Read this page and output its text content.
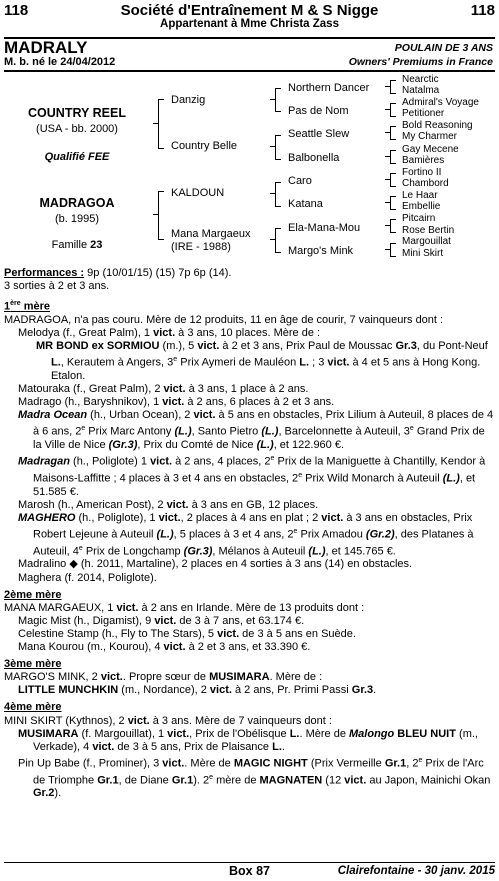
118	Société d'Entraînement M & S Nigge	118
Appartenant à Mme Christa Zass
MADRALY	POULAIN DE 3 ANS
M. b. né le 24/04/2012	Owners' Premiums in France
COUNTRY REEL
(USA - bb. 2000)
Qualifié FEE
MADRAGOA
(b. 1995)
Famille 23
Danzig
Country Belle
KALDOUN
Mana Margaeux
(IRE - 1988)
Northern Dancer
Pas de Nom
Seattle Slew
Balbonella
Caro
Katana
Ela-Mana-Mou
Margo's Mink
Nearctic
Natalma
Admiral's Voyage
Petitioner
Bold Reasoning
My Charmer
Gay Mecene
Bamières
Fortino II
Chambord
Le Haar
Embellie
Pitcairn
Rose Bertin
Margouillat
Mini Skirt

Performances : 9p (10/01/15) (15) 7p 6p (14).

3 sorties à 2 et 3 ans.

1ère mère

MADRAGOA, n'a pas couru. Mère de 12 produits, 11 en âge de courir, 7 vainqueurs dont :

Melodya (f., Great Palm), 1 vict. à 3 ans, 10 places. Mère de :

MR BOND ex SORMIOU (m.), 5 vict. à 2 et 3 ans, Prix Paul de Moussac Gr.3, du Pont-Neuf L., Kerautem à Angers, 3e Prix Aymeri de Mauléon L. ; 3 vict. à 4 et 5 ans à Hong Kong. Etalon.

Matouraka (f., Great Palm), 2 vict. à 3 ans, 1 place à 2 ans.

Madrago (h., Baryshnikov), 1 vict. à 2 ans, 6 places à 2 et 3 ans.

Madra Ocean (h., Urban Ocean), 2 vict. à 5 ans en obstacles, Prix Lilium à Auteuil, 8 places de 4 à 6 ans, 2e Prix Marc Antony (L.), Santo Pietro (L.), Barcelonnette à Auteuil, 3e Grand Prix de la Ville de Nice (Gr.3), Prix du Comté de Nice (L.), et 122.960 €.

Madragan (h., Poliglote) 1 vict. à 2 ans, 4 places, 2e Prix de la Maniguette à Chantilly, Kendor à Maisons-Laffitte ; 4 places à 3 et 4 ans en obstacles, 2e Prix Wild Monarch à Auteuil (L.), et 51.585 €.

Marosh (h., American Post), 2 vict. à 3 ans en GB, 12 places.

MAGHERO (h., Poliglote), 1 vict., 2 places à 4 ans en plat ; 2 vict. à 3 ans en obstacles, Prix Robert Lejeune à Auteuil (L.), 5 places à 3 et 4 ans, 2e Prix Amadou (Gr.2), des Platanes à Auteuil, 4e Prix de Longchamp (Gr.3), Mélanos à Auteuil (L.), et 145.765 €.

Madralino ◆ (h. 2011, Martaline), 2 places en 4 sorties à 3 ans (14) en obstacles.

Maghera (f. 2014, Poliglote).

2ème mère

MANA MARGAEUX, 1 vict. à 2 ans en Irlande. Mère de 13 produits dont :

Magic Mist (h., Digamist), 9 vict. de 3 à 7 ans, et 63.174 €.

Celestine Stamp (h., Fly to The Stars), 5 vict. de 3 à 5 ans en Suède.

Mana Kourou (m., Kourou), 4 vict. à 2 et 3 ans, et 33.390 €.

3ème mère

MARGO'S MINK, 2 vict.. Propre sœur de MUSIMARA. Mère de :

LITTLE MUNCHKIN (m., Nordance), 2 vict. à 2 ans, Pr. Primi Passi Gr.3.

4ème mère

MINI SKIRT (Kythnos), 2 vict. à 3 ans. Mère de 7 vainqueurs dont :

MUSIMARA (f. Margouillat), 1 vict., Prix de l'Obélisque L.. Mère de Malongo BLEU NUIT (m., Verkade), 4 vict. de 3 à 5 ans, Prix de Plaisance L..

Pin Up Babe (f., Prominer), 3 vict.. Mère de MAGIC NIGHT (Prix Vermeille Gr.1, 2e Prix de l'Arc de Triomphe Gr.1, de Diane Gr.1). 2e mère de MAGNATEN (12 vict. au Japon, Mainichi Okan Gr.2).

Box 87	Clairefontaine - 30 janv. 2015
